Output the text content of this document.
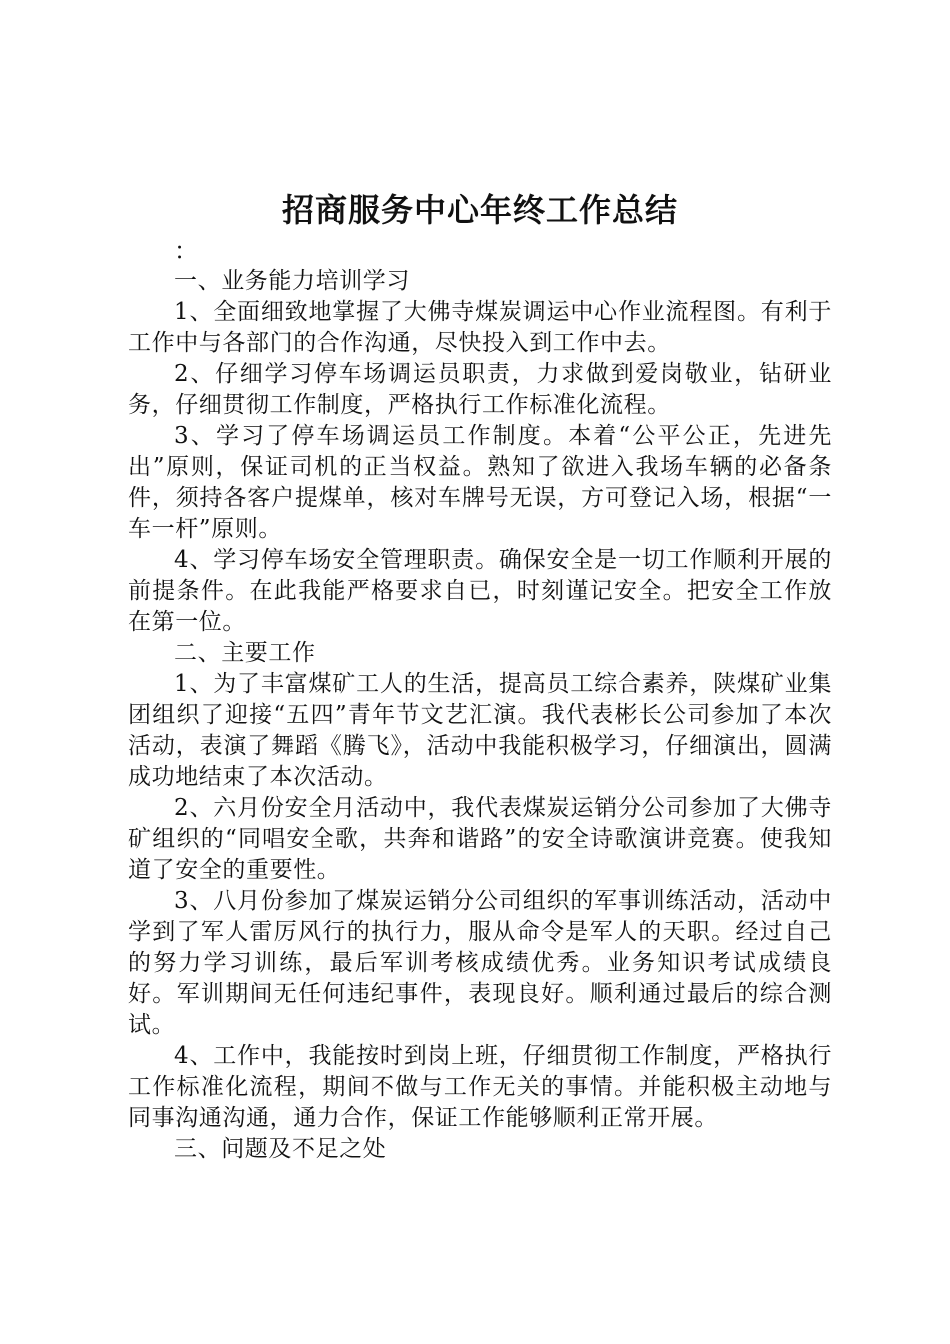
招商服务中心年终工作总结

：

一、业务能力培训学习

1、全面细致地掌握了大佛寺煤炭调运中心作业流程图。有利于工作中与各部门的合作沟通，尽快投入到工作中去。

2、仔细学习停车场调运员职责，力求做到爱岗敬业，钻研业务，仔细贯彻工作制度，严格执行工作标准化流程。

3、学习了停车场调运员工作制度。本着“公平公正，先进先出”原则，保证司机的正当权益。熟知了欲进入我场车辆的必备条件，须持各客户提煤单，核对车牌号无误，方可登记入场，根据“一车一杆”原则。

4、学习停车场安全管理职责。确保安全是一切工作顺利开展的前提条件。在此我能严格要求自已，时刻谨记安全。把安全工作放在第一位。

二、主要工作

1、为了丰富煤矿工人的生活，提高员工综合素养，陕煤矿业集团组织了迎接“五四”青年节文艺汇演。我代表彬长公司参加了本次活动，表演了舞蹈《腾飞》，活动中我能积极学习，仔细演出，圆满成功地结束了本次活动。

2、六月份安全月活动中，我代表煤炭运销分公司参加了大佛寺矿组织的“同唱安全歌，共奔和谐路”的安全诗歌演讲竞赛。使我知道了安全的重要性。

3、八月份参加了煤炭运销分公司组织的军事训练活动，活动中学到了军人雷厉风行的执行力，服从命令是军人的天职。经过自己的努力学习训练，最后军训考核成绩优秀。业务知识考试成绩良好。军训期间无任何违纪事件，表现良好。顺利通过最后的综合测试。

4、工作中，我能按时到岗上班，仔细贯彻工作制度，严格执行工作标准化流程，期间不做与工作无关的事情。并能积极主动地与同事沟通沟通，通力合作，保证工作能够顺利正常开展。

三、问题及不足之处
